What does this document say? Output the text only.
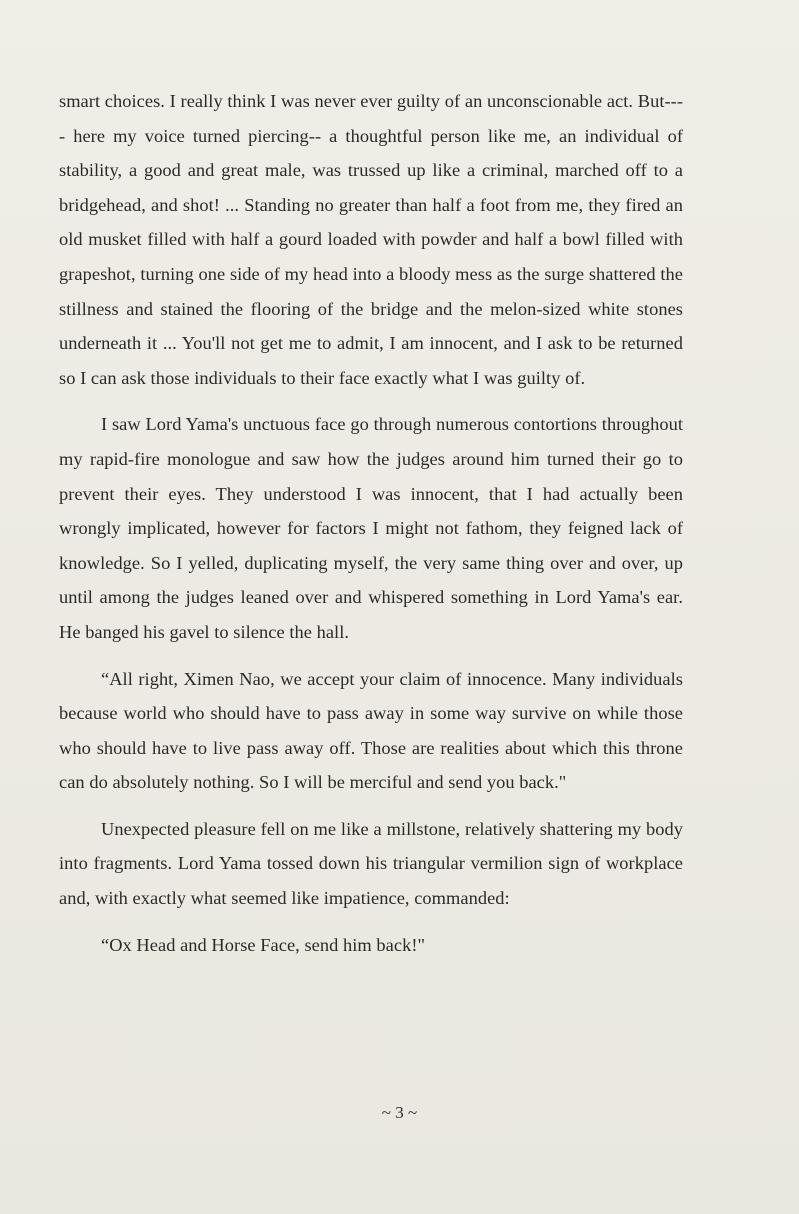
smart choices. I really think I was never ever guilty of an unconscionable act. But---- here my voice turned piercing-- a thoughtful person like me, an individual of stability, a good and great male, was trussed up like a criminal, marched off to a bridgehead, and shot! ... Standing no greater than half a foot from me, they fired an old musket filled with half a gourd loaded with powder and half a bowl filled with grapeshot, turning one side of my head into a bloody mess as the surge shattered the stillness and stained the flooring of the bridge and the melon-sized white stones underneath it ... You'll not get me to admit, I am innocent, and I ask to be returned so I can ask those individuals to their face exactly what I was guilty of.

I saw Lord Yama's unctuous face go through numerous contortions throughout my rapid-fire monologue and saw how the judges around him turned their go to prevent their eyes. They understood I was innocent, that I had actually been wrongly implicated, however for factors I might not fathom, they feigned lack of knowledge. So I yelled, duplicating myself, the very same thing over and over, up until among the judges leaned over and whispered something in Lord Yama's ear. He banged his gavel to silence the hall.

“All right, Ximen Nao, we accept your claim of innocence. Many individuals because world who should have to pass away in some way survive on while those who should have to live pass away off. Those are realities about which this throne can do absolutely nothing. So I will be merciful and send you back."

Unexpected pleasure fell on me like a millstone, relatively shattering my body into fragments. Lord Yama tossed down his triangular vermilion sign of workplace and, with exactly what seemed like impatience, commanded:

“Ox Head and Horse Face, send him back!"

~ 3 ~
